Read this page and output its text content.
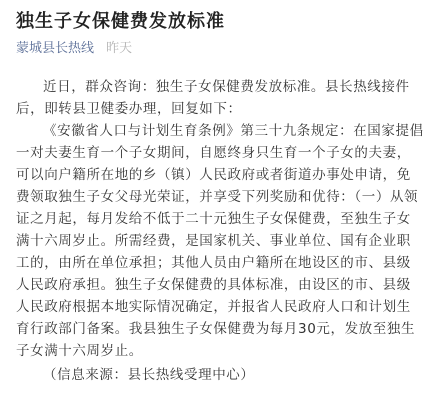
独生子女保健费发放标准
蒙城县长热线 昨天

近日，群众咨询：独生子女保健费发放标准。县长热线接件后，即转县卫健委办理，回复如下：

《安徽省人口与计划生育条例》第三十九条规定：在国家提倡一对夫妻生育一个子女期间，自愿终身只生育一个子女的夫妻，可以向户籍所在地的乡（镇）人民政府或者街道办事处申请，免费领取独生子女父母光荣证，并享受下列奖励和优待：（一）从领证之月起，每月发给不低于二十元独生子女保健费，至独生子女满十六周岁止。所需经费，是国家机关、事业单位、国有企业职工的，由所在单位承担；其他人员由户籍所在地设区的市、县级人民政府承担。独生子女保健费的具体标准，由设区的市、县级人民政府根据本地实际情况确定，并报省人民政府人口和计划生育行政部门备案。我县独生子女保健费为每月30元，发放至独生子女满十六周岁止。

（信息来源：县长热线受理中心）
